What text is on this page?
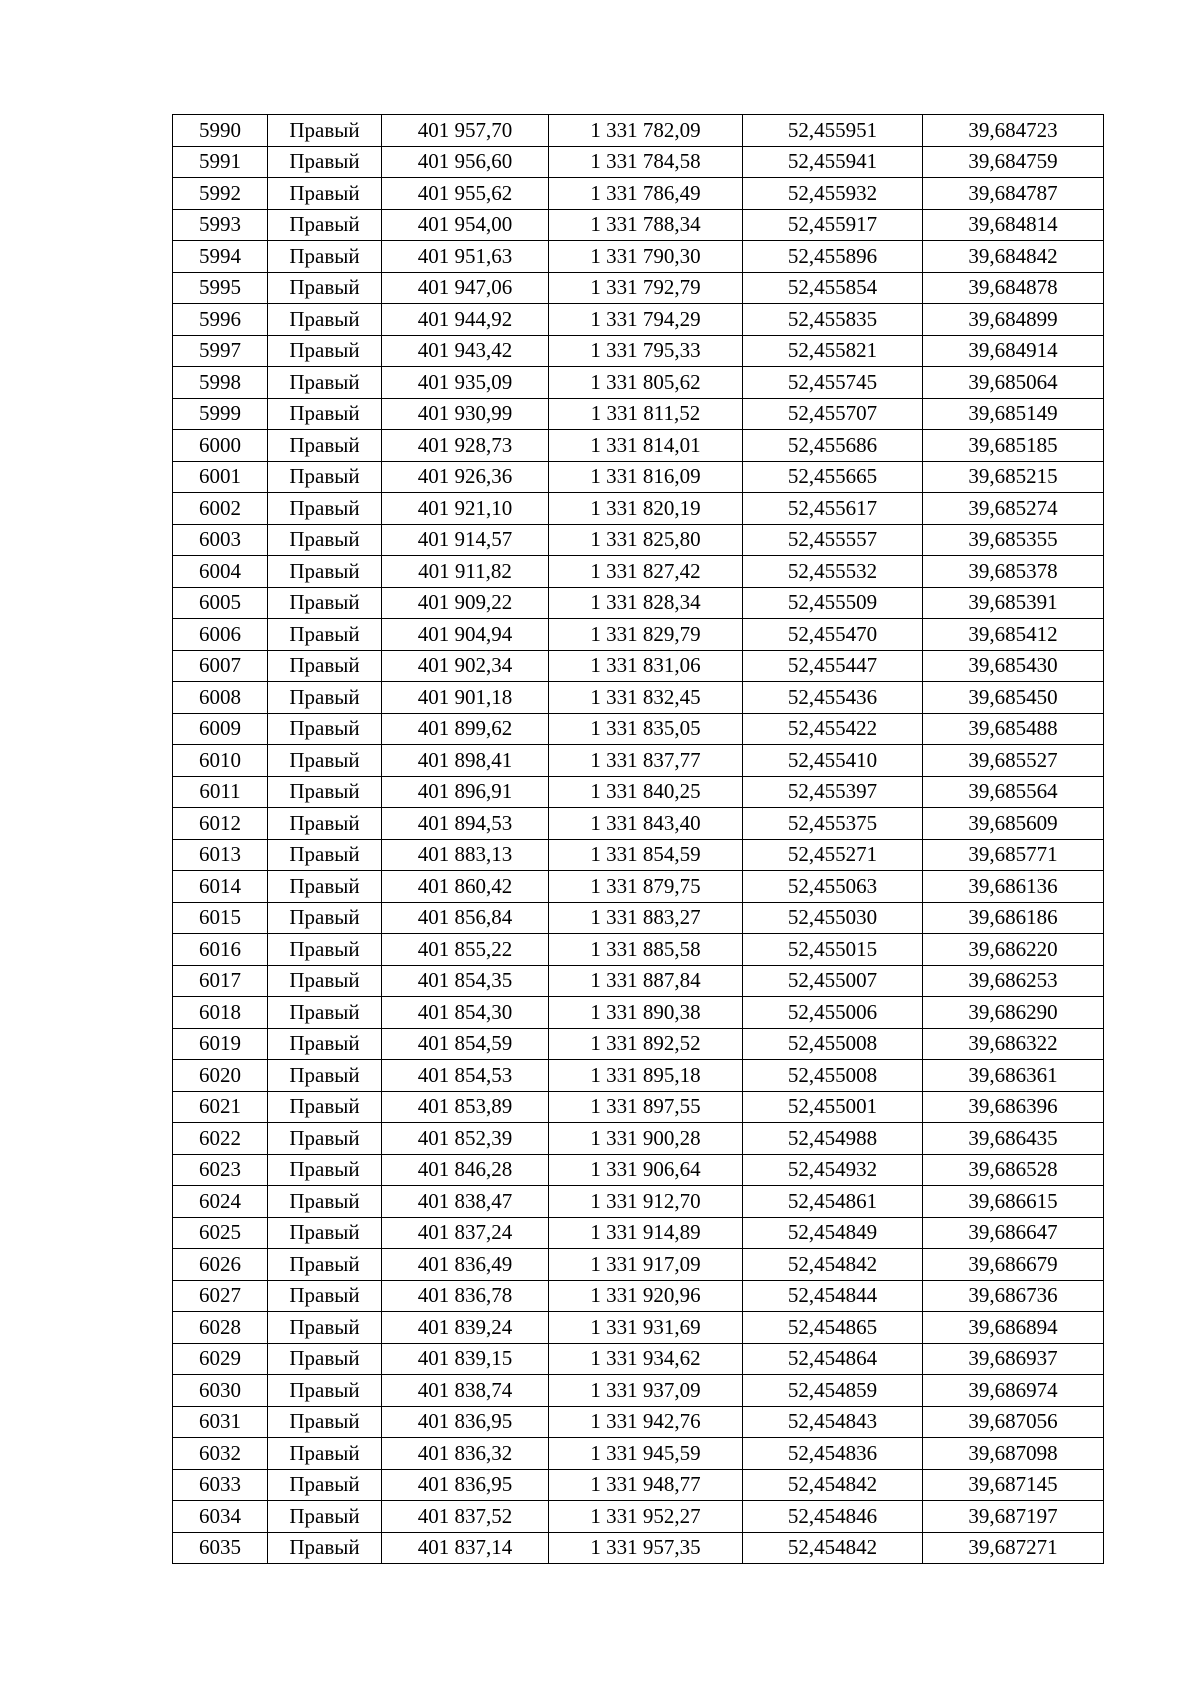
5990	Правый	401 957,70	1 331 782,09	52,455951	39,684723
5991	Правый	401 956,60	1 331 784,58	52,455941	39,684759
5992	Правый	401 955,62	1 331 786,49	52,455932	39,684787
5993	Правый	401 954,00	1 331 788,34	52,455917	39,684814
5994	Правый	401 951,63	1 331 790,30	52,455896	39,684842
5995	Правый	401 947,06	1 331 792,79	52,455854	39,684878
5996	Правый	401 944,92	1 331 794,29	52,455835	39,684899
5997	Правый	401 943,42	1 331 795,33	52,455821	39,684914
5998	Правый	401 935,09	1 331 805,62	52,455745	39,685064
5999	Правый	401 930,99	1 331 811,52	52,455707	39,685149
6000	Правый	401 928,73	1 331 814,01	52,455686	39,685185
6001	Правый	401 926,36	1 331 816,09	52,455665	39,685215
6002	Правый	401 921,10	1 331 820,19	52,455617	39,685274
6003	Правый	401 914,57	1 331 825,80	52,455557	39,685355
6004	Правый	401 911,82	1 331 827,42	52,455532	39,685378
6005	Правый	401 909,22	1 331 828,34	52,455509	39,685391
6006	Правый	401 904,94	1 331 829,79	52,455470	39,685412
6007	Правый	401 902,34	1 331 831,06	52,455447	39,685430
6008	Правый	401 901,18	1 331 832,45	52,455436	39,685450
6009	Правый	401 899,62	1 331 835,05	52,455422	39,685488
6010	Правый	401 898,41	1 331 837,77	52,455410	39,685527
6011	Правый	401 896,91	1 331 840,25	52,455397	39,685564
6012	Правый	401 894,53	1 331 843,40	52,455375	39,685609
6013	Правый	401 883,13	1 331 854,59	52,455271	39,685771
6014	Правый	401 860,42	1 331 879,75	52,455063	39,686136
6015	Правый	401 856,84	1 331 883,27	52,455030	39,686186
6016	Правый	401 855,22	1 331 885,58	52,455015	39,686220
6017	Правый	401 854,35	1 331 887,84	52,455007	39,686253
6018	Правый	401 854,30	1 331 890,38	52,455006	39,686290
6019	Правый	401 854,59	1 331 892,52	52,455008	39,686322
6020	Правый	401 854,53	1 331 895,18	52,455008	39,686361
6021	Правый	401 853,89	1 331 897,55	52,455001	39,686396
6022	Правый	401 852,39	1 331 900,28	52,454988	39,686435
6023	Правый	401 846,28	1 331 906,64	52,454932	39,686528
6024	Правый	401 838,47	1 331 912,70	52,454861	39,686615
6025	Правый	401 837,24	1 331 914,89	52,454849	39,686647
6026	Правый	401 836,49	1 331 917,09	52,454842	39,686679
6027	Правый	401 836,78	1 331 920,96	52,454844	39,686736
6028	Правый	401 839,24	1 331 931,69	52,454865	39,686894
6029	Правый	401 839,15	1 331 934,62	52,454864	39,686937
6030	Правый	401 838,74	1 331 937,09	52,454859	39,686974
6031	Правый	401 836,95	1 331 942,76	52,454843	39,687056
6032	Правый	401 836,32	1 331 945,59	52,454836	39,687098
6033	Правый	401 836,95	1 331 948,77	52,454842	39,687145
6034	Правый	401 837,52	1 331 952,27	52,454846	39,687197
6035	Правый	401 837,14	1 331 957,35	52,454842	39,687271
